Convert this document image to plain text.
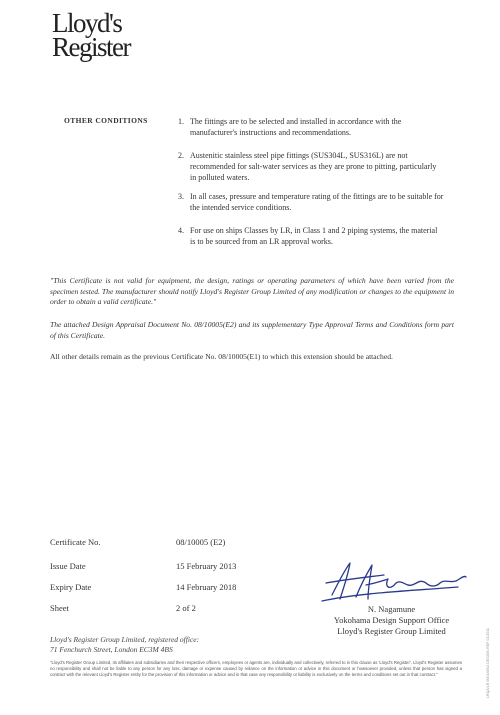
Lloyd's
Register
OTHER CONDITIONS	1. The fittings are to be selected and installed in accordance with the manufacturer's instructions and recommendations.
2. Austenitic stainless steel pipe fittings (SUS304L, SUS316L) are not recommended for salt-water services as they are prone to pitting, particularly in polluted waters.
3. In all cases, pressure and temperature rating of the fittings are to be suitable for the intended service conditions.
4. For use on ships Classes by LR, in Class 1 and 2 piping systems, the material is to be sourced from an LR approval works.
"This Certificate is not valid for equipment, the design, ratings or operating parameters of which have been varied from the specimen tested. The manufacturer should notify Lloyd's Register Group Limited of any modification or changes to the equipment in order to obtain a valid certificate."
The attached Design Appraisal Document No. 08/10005(E2) and its supplementary Type Approval Terms and Conditions form part of this Certificate.
All other details remain as the previous Certificate No. 08/10005(E1) to which this extension should be attached.
Certificate No.	08/10005 (E2)
Issue Date	15 February 2013
Expiry Date	14 February 2018
Sheet	2 of 2	N. Nagamune
Yokohama Design Support Office
Lloyd's Register Group Limited
Lloyd's Register Group Limited, registered office:
71 Fenchurch Street, London EC3M 4BS
"Lloyd's Register Group Limited, its affiliates and subsidiaries and their respective officers, employees or agents are, individually and collectively, referred to in this clause as 'Lloyd's Register'. Lloyd's Register assumes no responsibility and shall not be liable to any person for any loss, damage or expense caused by reliance on the information or advice in this document or howsoever provided, unless that person has signed a contract with the relevant Lloyd's Register entity for the provision of this information or advice and in that case any responsibility or liability is exclusively on the terms and conditions set out in that contract."	LRQA/LR 0001/0002 DESIGN REF 01/2011
